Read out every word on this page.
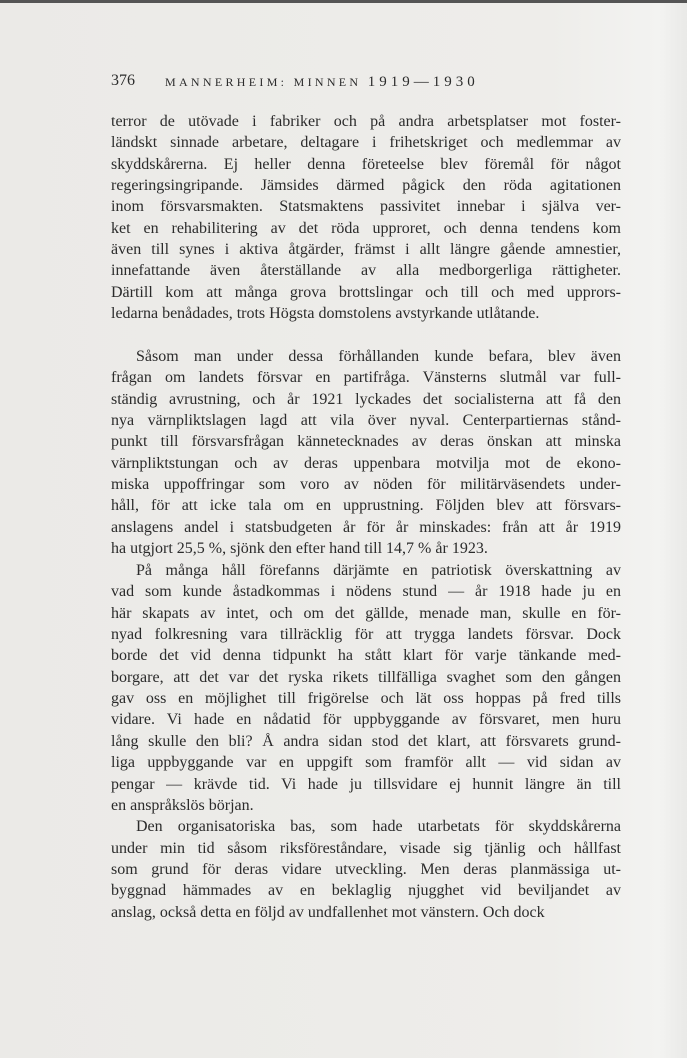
376	MANNERHEIM: MINNEN 1919—1930
terror de utövade i fabriker och på andra arbetsplatser mot foster-
ländskt sinnade arbetare, deltagare i frihetskriget och medlemmar av
skyddskårerna. Ej heller denna företeelse blev föremål för något
regeringsingripande. Jämsides därmed pågick den röda agitationen
inom försvarsmakten. Statsmaktens passivitet innebar i själva ver-
ket en rehabilitering av det röda upproret, och denna tendens kom
även till synes i aktiva åtgärder, främst i allt längre gående amnestier,
innefattande även återställande av alla medborgerliga rättigheter.
Därtill kom att många grova brottslingar och till och med upprors-
ledarna benådades, trots Högsta domstolens avstyrkande utlåtande.
Såsom man under dessa förhållanden kunde befara, blev även
frågan om landets försvar en partifråga. Vänsterns slutmål var full-
ständig avrustning, och år 1921 lyckades det socialisterna att få den
nya värnpliktslagen lagd att vila över nyval. Centerpartiernas stånd-
punkt till försvarsfrågan kännetecknades av deras önskan att minska
värnpliktstungan och av deras uppenbara motvilja mot de ekono-
miska uppoffringar som voro av nöden för militärväsendets under-
håll, för att icke tala om en upprustning. Följden blev att försvars-
anslagens andel i statsbudgeten år för år minskades: från att år 1919
ha utgjort 25,5 %, sjönk den efter hand till 14,7 % år 1923.
På många håll förefanns därjämte en patriotisk överskattning av
vad som kunde åstadkommas i nödens stund — år 1918 hade ju en
här skapats av intet, och om det gällde, menade man, skulle en för-
nyad folkresning vara tillräcklig för att trygga landets försvar. Dock
borde det vid denna tidpunkt ha stått klart för varje tänkande med-
borgare, att det var det ryska rikets tillfälliga svaghet som den gången
gav oss en möjlighet till frigörelse och lät oss hoppas på fred tills
vidare. Vi hade en nådatid för uppbyggande av försvaret, men huru
lång skulle den bli? Å andra sidan stod det klart, att försvarets grund-
liga uppbyggande var en uppgift som framför allt — vid sidan av
pengar — krävde tid. Vi hade ju tillsvidare ej hunnit längre än till
en anspråkslös början.
Den organisatoriska bas, som hade utarbetats för skyddskårerna
under min tid såsom riksföreståndare, visade sig tjänlig och hållfast
som grund för deras vidare utveckling. Men deras planmässiga ut-
byggnad hämmades av en beklaglig njugghet vid beviljandet av
anslag, också detta en följd av undfallenhet mot vänstern. Och dock
